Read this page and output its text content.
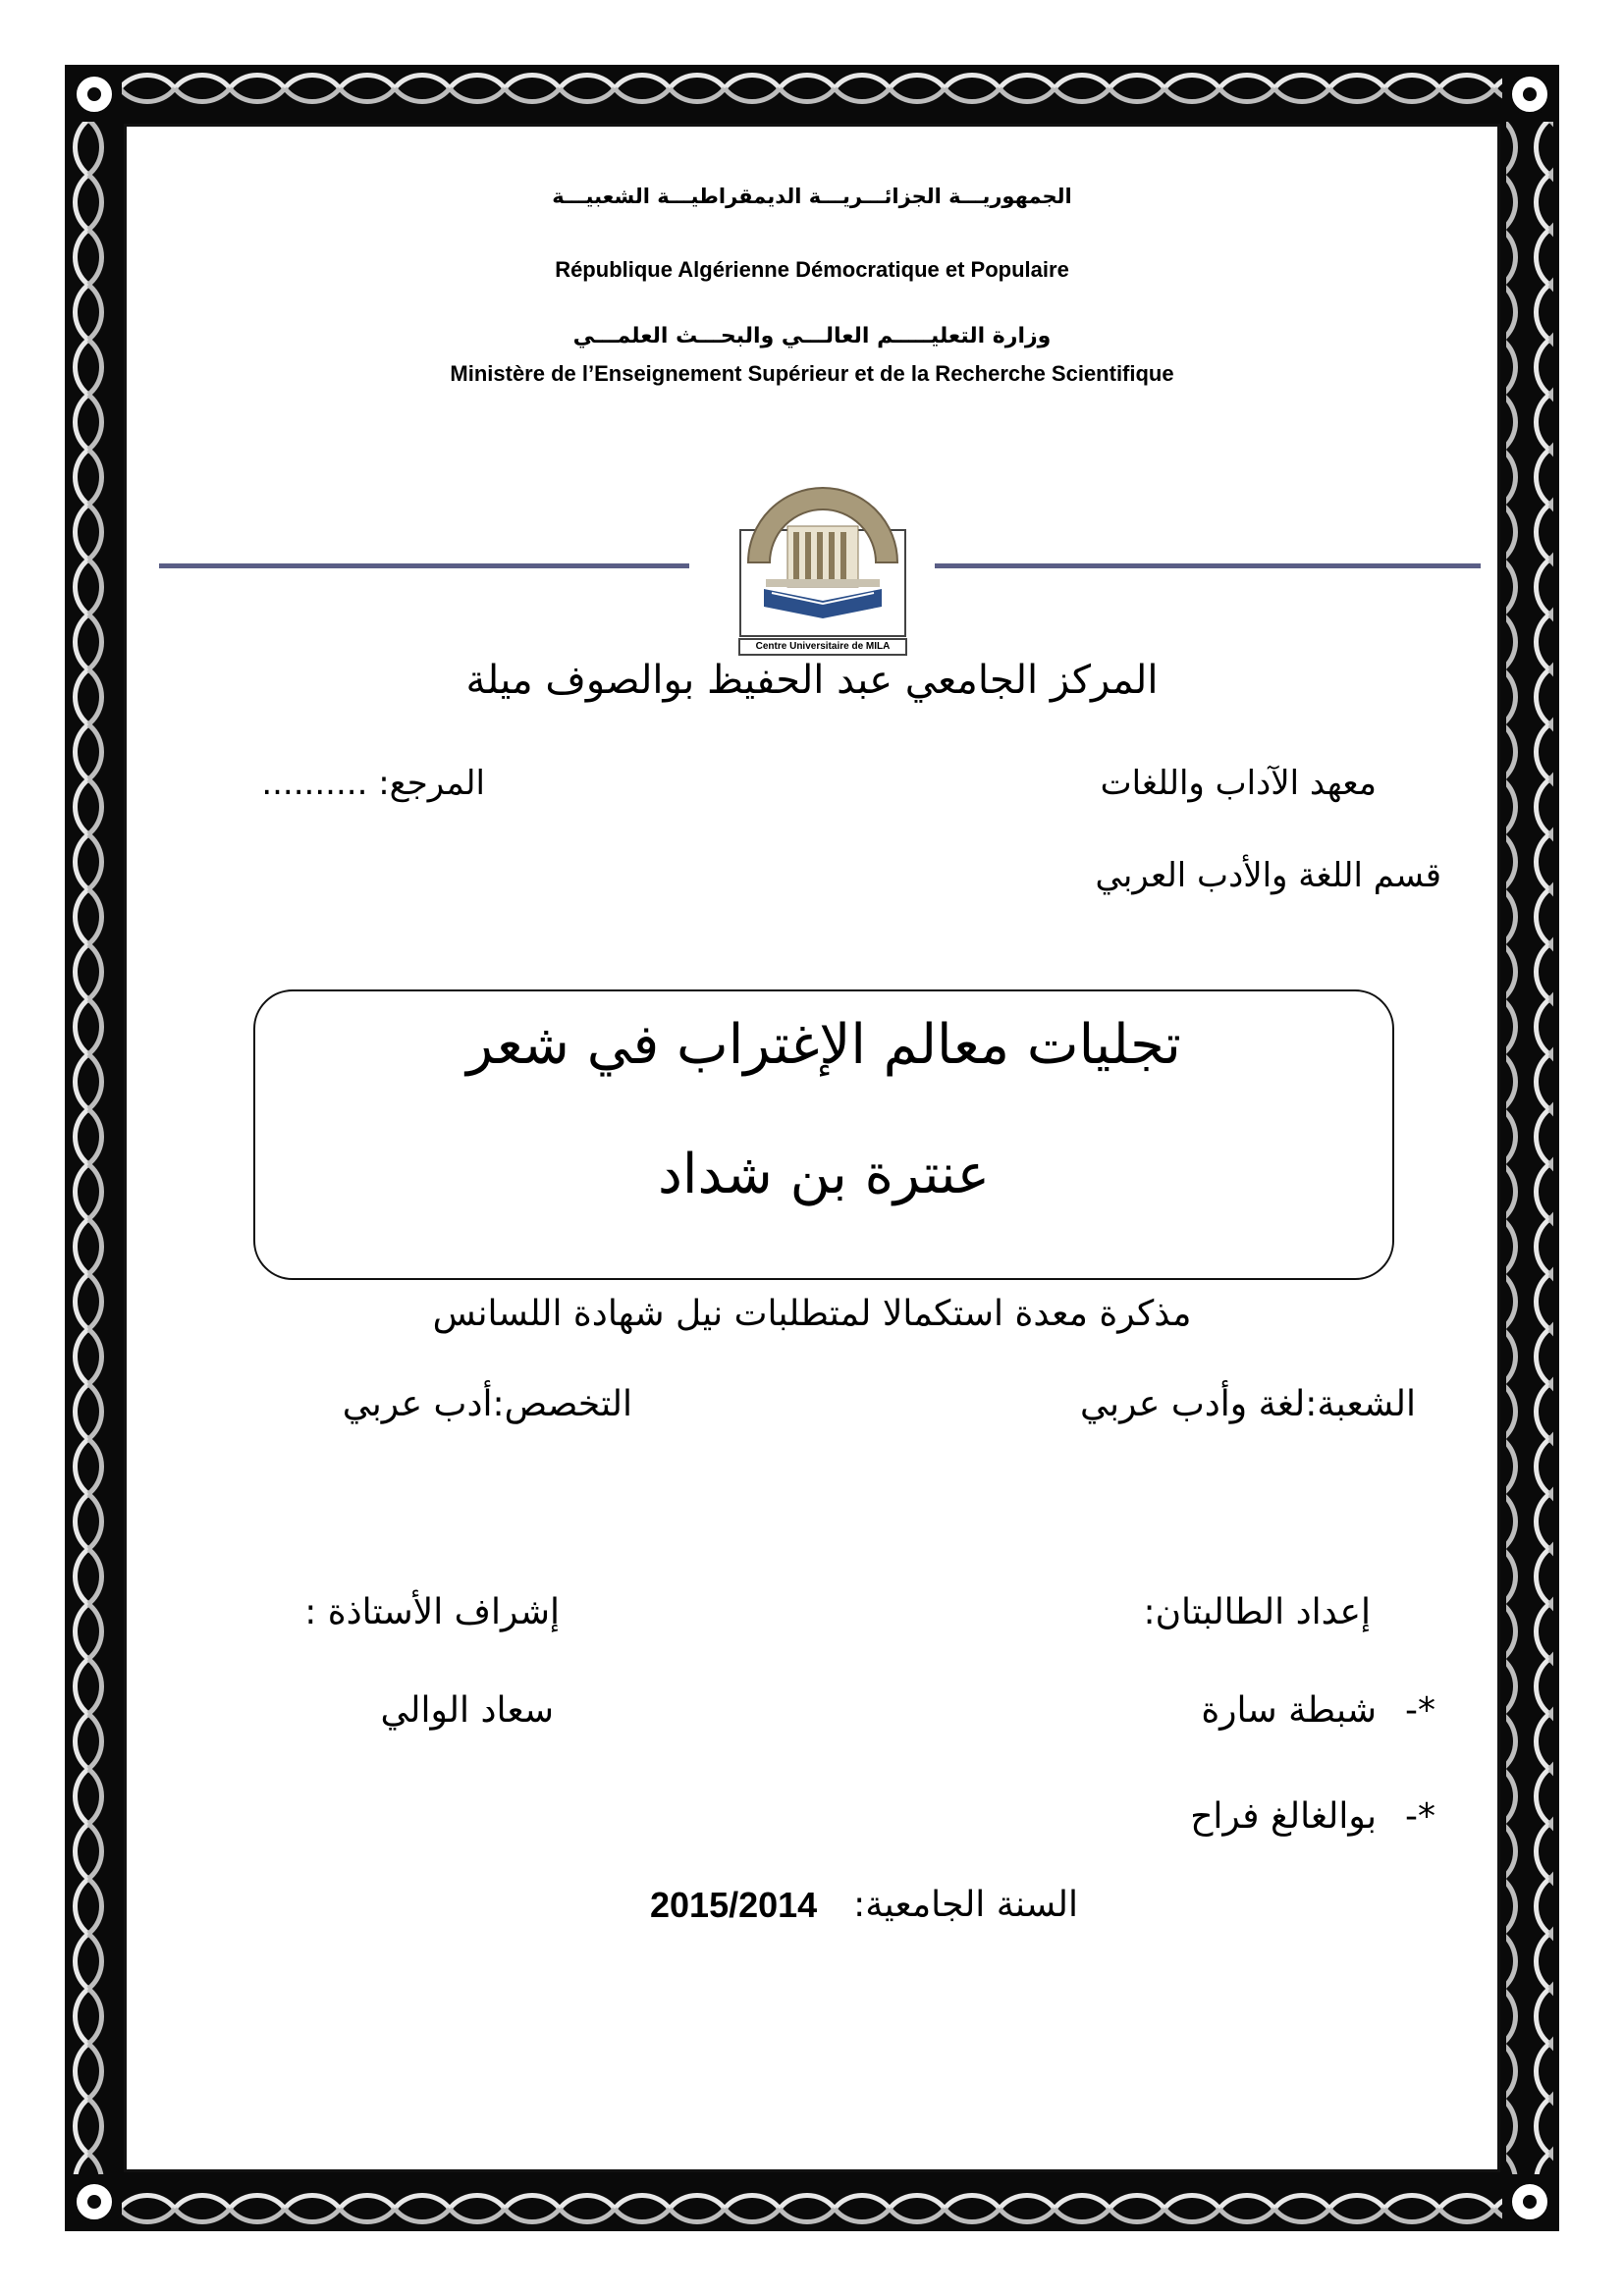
الجمهوريـــة الجزائـــريـــة الديمقراطيـــة الشعبيـــة
République Algérienne Démocratique et Populaire
وزارة التعليـــــم العالـــي والبحـــث العلمـــي
Ministère de l’Enseignement Supérieur et de la Recherche Scientifique
Centre Universitaire de MILA
المركز الجامعي عبد الحفيظ بوالصوف ميلة
معهد الآداب واللغات
المرجع: ..........
قسم اللغة والأدب العربي
تجليات معالم الإغتراب في شعر
عنترة بن شداد
مذكرة معدة استكمالا لمتطلبات نيل شهادة اللسانس
الشعبة:لغة وأدب عربي
التخصص:أدب عربي
إعداد الطالبتان:
إشراف الأستاذة :
*-
شبطة سارة
سعاد الوالي
*-
بوالغالغ فراح
السنة الجامعية:
2015/2014
